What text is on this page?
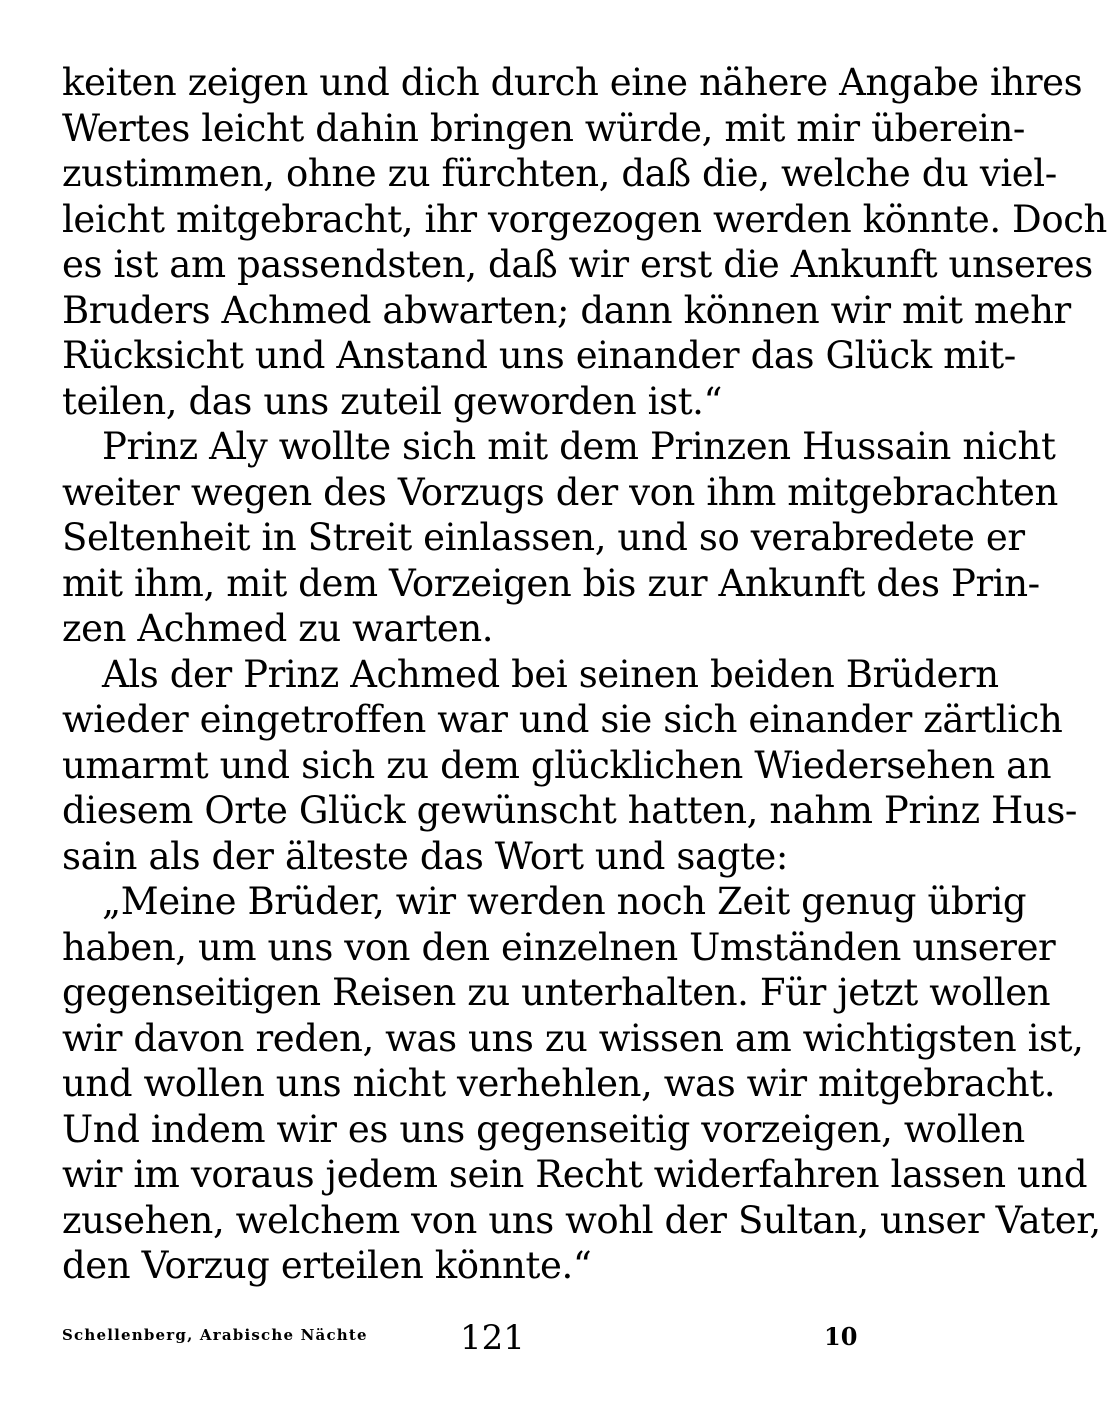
keiten zeigen und dich durch eine nähere Angabe ihres
Wertes leicht dahin bringen würde, mit mir überein-
zustimmen, ohne zu fürchten, daß die, welche du viel-
leicht mitgebracht, ihr vorgezogen werden könnte. Doch
es ist am passendsten, daß wir erst die Ankunft unseres
Bruders Achmed abwarten; dann können wir mit mehr
Rücksicht und Anstand uns einander das Glück mit-
teilen, das uns zuteil geworden ist.“
Prinz Aly wollte sich mit dem Prinzen Hussain nicht
weiter wegen des Vorzugs der von ihm mitgebrachten
Seltenheit in Streit einlassen, und so verabredete er
mit ihm, mit dem Vorzeigen bis zur Ankunft des Prin-
zen Achmed zu warten.
Als der Prinz Achmed bei seinen beiden Brüdern
wieder eingetroffen war und sie sich einander zärtlich
umarmt und sich zu dem glücklichen Wiedersehen an
diesem Orte Glück gewünscht hatten, nahm Prinz Hus-
sain als der älteste das Wort und sagte:
„Meine Brüder, wir werden noch Zeit genug übrig
haben, um uns von den einzelnen Umständen unserer
gegenseitigen Reisen zu unterhalten. Für jetzt wollen
wir davon reden, was uns zu wissen am wichtigsten ist,
und wollen uns nicht verhehlen, was wir mitgebracht.
Und indem wir es uns gegenseitig vorzeigen, wollen
wir im voraus jedem sein Recht widerfahren lassen und
zusehen, welchem von uns wohl der Sultan, unser Vater,
den Vorzug erteilen könnte.“
Schellenberg, Arabische Nächte	121	10
